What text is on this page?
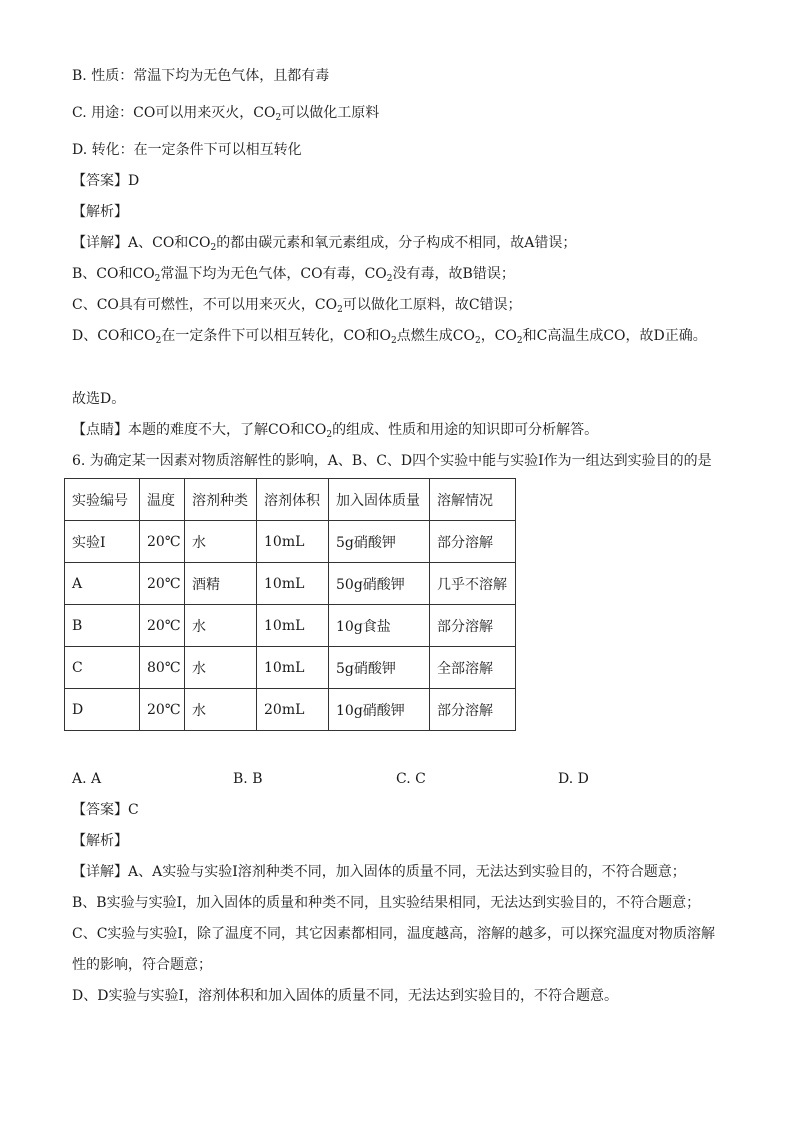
B. 性质：常温下均为无色气体，且都有毒
C. 用途：CO可以用来灭火，$CO_2$可以做化工原料
D. 转化：在一定条件下可以相互转化
【答案】D
【解析】
【详解】A、CO和$CO_2$的都由碳元素和氧元素组成，分子构成不相同，故A错误；
B、CO和$CO_2$常温下均为无色气体，CO有毒，$CO_2$没有毒，故B错误；
C、CO具有可燃性，不可以用来灭火，$CO_2$可以做化工原料，故C错误；
D、CO和$CO_2$在一定条件下可以相互转化，CO和$O_2$点燃生成$CO_2$，$CO_2$和C高温生成CO，故D正确。
故选D。
【点睛】本题的难度不大，了解CO和$CO_2$的组成、性质和用途的知识即可分析解答。
6. 为确定某一因素对物质溶解性的影响，A、B、C、D四个实验中能与实验I作为一组达到实验目的的是
实验编号	温度	溶剂种类	溶剂体积	加入固体质量	溶解情况
实验I	20℃	水	10mL	5g硝酸钾	部分溶解
A	20℃	酒精	10mL	50g硝酸钾	几乎不溶解
B	20℃	水	10mL	10g食盐	部分溶解
C	80℃	水	10mL	5g硝酸钾	全部溶解
D	20℃	水	20mL	10g硝酸钾	部分溶解
A. A	B. B	C. C	D. D
【答案】C
【解析】
【详解】A、A实验与实验I溶剂种类不同，加入固体的质量不同，无法达到实验目的，不符合题意；
B、B实验与实验I，加入固体的质量和种类不同，且实验结果相同，无法达到实验目的，不符合题意；
C、C实验与实验I，除了温度不同，其它因素都相同，温度越高，溶解的越多，可以探究温度对物质溶解
性的影响，符合题意；
D、D实验与实验I，溶剂体积和加入固体的质量不同，无法达到实验目的，不符合题意。
